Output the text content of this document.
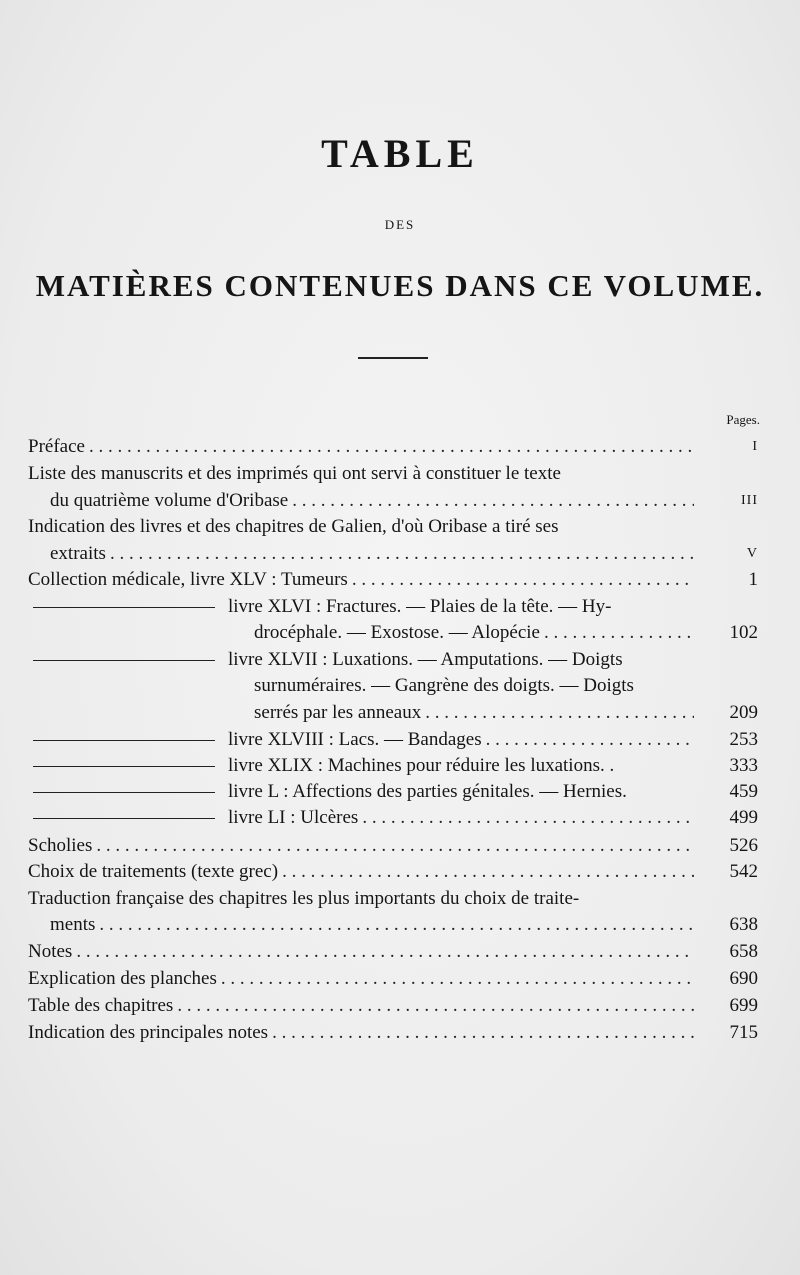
TABLE
DES
MATIÈRES CONTENUES DANS CE VOLUME.
Pages.
Préface . . .	I
Liste des manuscrits et des imprimés qui ont servi à constituer le texte
du quatrième volume d'Oribase . . .	III
Indication des livres et des chapitres de Galien, d'où Oribase a tiré ses
extraits . . .	V
Collection médicale, livre XLV : Tumeurs . . .	1
livre XLVI : Fractures. — Plaies de la tête. — Hy-
drocéphale. — Exostose. — Alopécie . . .	102
livre XLVII : Luxations. — Amputations. — Doigts
surnuméraires. — Gangrène des doigts. — Doigts
serrés par les anneaux . . .	209
livre XLVIII : Lacs. — Bandages . . .	253
livre XLIX : Machines pour réduire les luxations. .	333
livre L : Affections des parties génitales. — Hernies.	459
livre LI : Ulcères . . .	499
Scholies . . .	526
Choix de traitements (texte grec) . . .	542
Traduction française des chapitres les plus importants du choix de traite-
ments . . .	638
Notes . . .	658
Explication des planches . . .	690
Table des chapitres . . .	699
Indication des principales notes . . .	715
